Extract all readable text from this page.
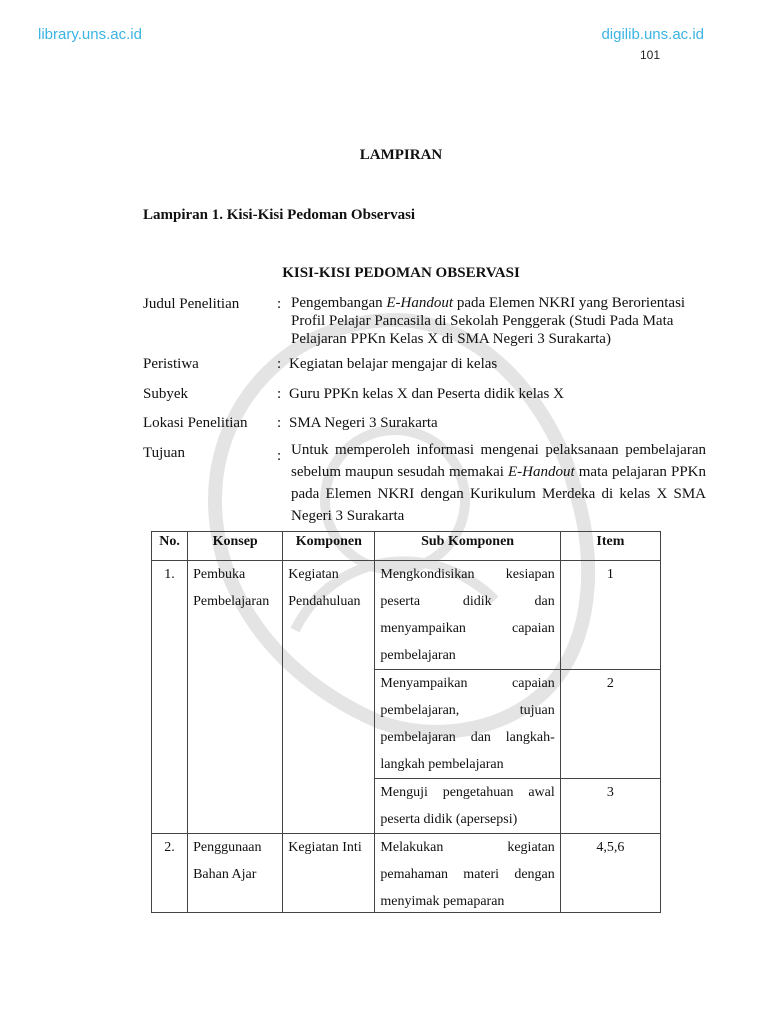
library.uns.ac.id	digilib.uns.ac.id
101
LAMPIRAN
Lampiran 1. Kisi-Kisi Pedoman Observasi
KISI-KISI PEDOMAN OBSERVASI
Judul Penelitian	: Pengembangan E-Handout pada Elemen NKRI yang Berorientasi Profil Pelajar Pancasila di Sekolah Penggerak (Studi Pada Mata Pelajaran PPKn Kelas X di SMA Negeri 3 Surakarta)
Peristiwa	: Kegiatan belajar mengajar di kelas
Subyek	: Guru PPKn kelas X dan Peserta didik kelas X
Lokasi Penelitian	: SMA Negeri 3 Surakarta
Tujuan	: Untuk memperoleh informasi mengenai pelaksanaan pembelajaran sebelum maupun sesudah memakai E-Handout mata pelajaran PPKn pada Elemen NKRI dengan Kurikulum Merdeka di kelas X SMA Negeri 3 Surakarta
No.	Konsep	Komponen	Sub Komponen	Item
1.	Pembuka Pembelajaran	Kegiatan Pendahuluan	Mengkondisikan kesiapan peserta didik dan menyampaikan capaian pembelajaran	1
			Menyampaikan capaian pembelajaran, tujuan pembelajaran dan langkah-langkah pembelajaran	2
			Menguji pengetahuan awal peserta didik (apersepsi)	3
2.	Penggunaan Bahan Ajar	Kegiatan Inti	Melakukan kegiatan pemahaman materi dengan menyimak pemaparan	4,5,6
